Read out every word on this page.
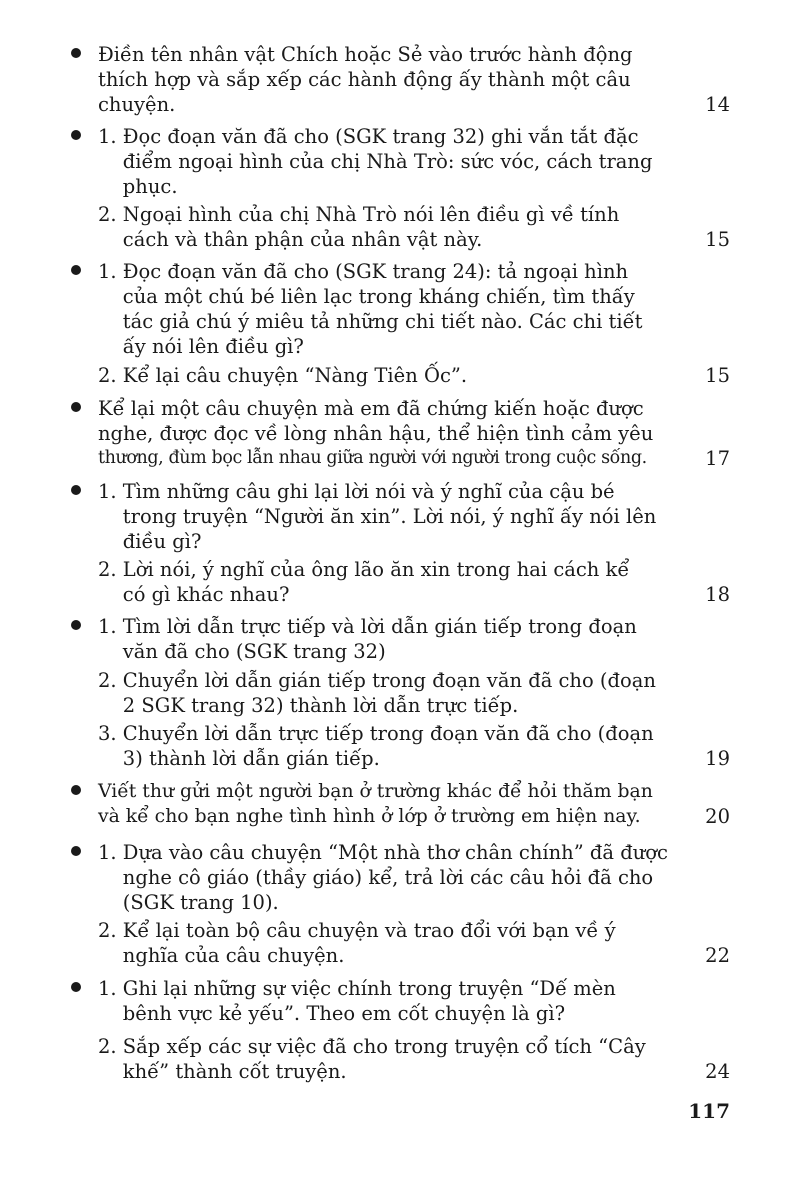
Điền tên nhân vật Chích hoặc Sẻ vào trước hành động
thích hợp và sắp xếp các hành động ấy thành một câu
chuyện.	14
1. Đọc đoạn văn đã cho (SGK trang 32) ghi vắn tắt đặc
điểm ngoại hình của chị Nhà Trò: sức vóc, cách trang
phục.
2. Ngoại hình của chị Nhà Trò nói lên điều gì về tính
cách và thân phận của nhân vật này.	15
1. Đọc đoạn văn đã cho (SGK trang 24): tả ngoại hình
của một chú bé liên lạc trong kháng chiến, tìm thấy
tác giả chú ý miêu tả những chi tiết nào. Các chi tiết
ấy nói lên điều gì?
2. Kể lại câu chuyện “Nàng Tiên Ốc”.	15
Kể lại một câu chuyện mà em đã chứng kiến hoặc được
nghe, được đọc về lòng nhân hậu, thể hiện tình cảm yêu
thương, đùm bọc lẫn nhau giữa người với người trong cuộc sống.	17
1. Tìm những câu ghi lại lời nói và ý nghĩ của cậu bé
trong truyện “Người ăn xin”. Lời nói, ý nghĩ ấy nói lên
điều gì?
2. Lời nói, ý nghĩ của ông lão ăn xin trong hai cách kể
có gì khác nhau?	18
1. Tìm lời dẫn trực tiếp và lời dẫn gián tiếp trong đoạn
văn đã cho (SGK trang 32)
2. Chuyển lời dẫn gián tiếp trong đoạn văn đã cho (đoạn
2 SGK trang 32) thành lời dẫn trực tiếp.
3. Chuyển lời dẫn trực tiếp trong đoạn văn đã cho (đoạn
3) thành lời dẫn gián tiếp.	19
Viết thư gửi một người bạn ở trường khác để hỏi thăm bạn
và kể cho bạn nghe tình hình ở lớp ở trường em hiện nay.	20
1. Dựa vào câu chuyện “Một nhà thơ chân chính” đã được
nghe cô giáo (thầy giáo) kể, trả lời các câu hỏi đã cho
(SGK trang 10).
2. Kể lại toàn bộ câu chuyện và trao đổi với bạn về ý
nghĩa của câu chuyện.	22
1. Ghi lại những sự việc chính trong truyện “Dế mèn
bênh vực kẻ yếu”. Theo em cốt chuyện là gì?
2. Sắp xếp các sự việc đã cho trong truyện cổ tích “Cây
khế” thành cốt truyện.	24
117
